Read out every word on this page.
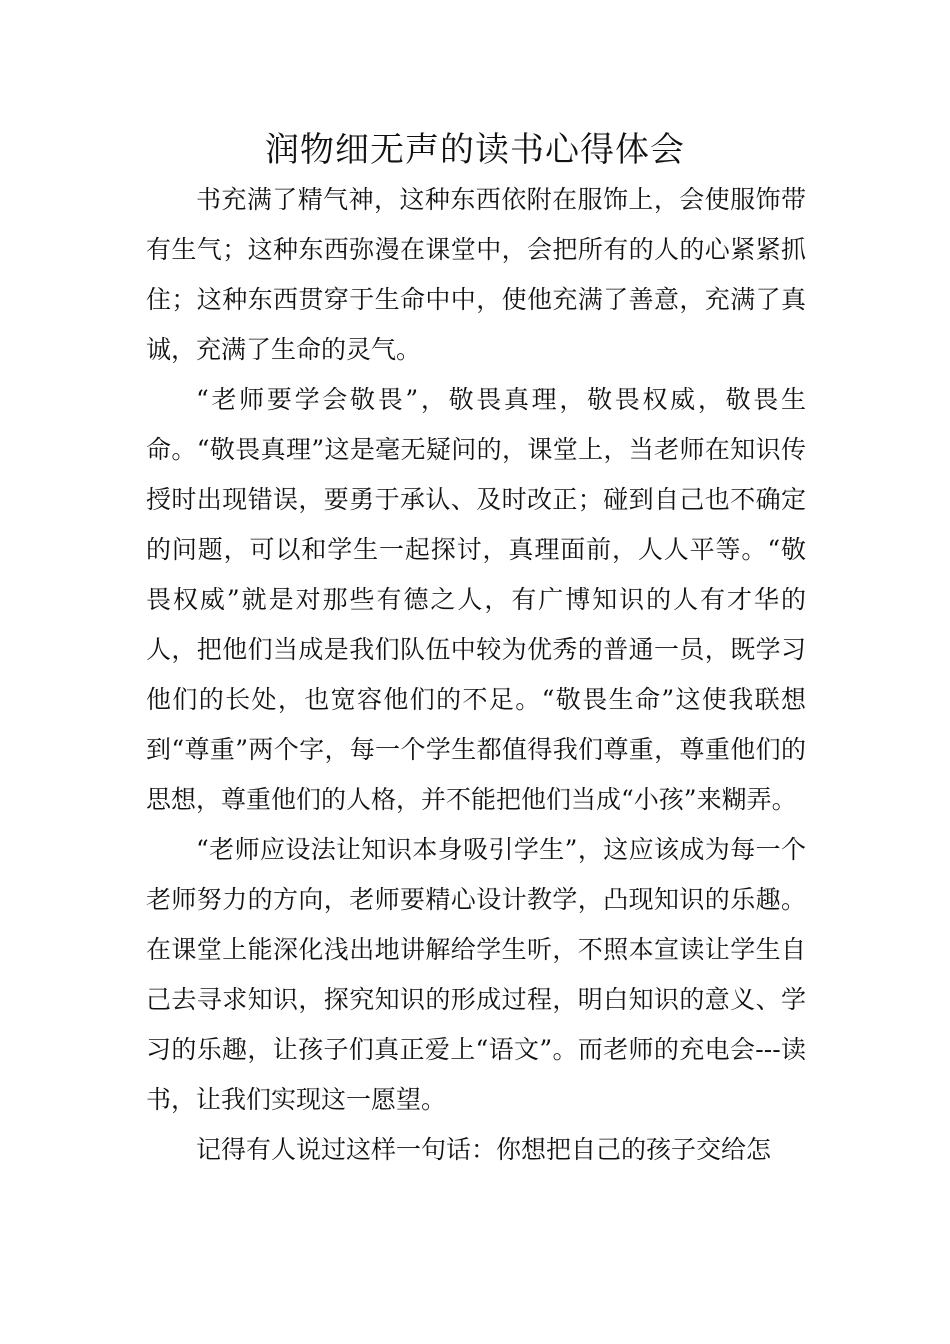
润物细无声的读书心得体会

书充满了精气神，这种东西依附在服饰上，会使服饰带有生气；这种东西弥漫在课堂中，会把所有的人的心紧紧抓住；这种东西贯穿于生命中中，使他充满了善意，充满了真诚，充满了生命的灵气。

“老师要学会敬畏”，敬畏真理，敬畏权威，敬畏生命。“敬畏真理”这是毫无疑问的，课堂上，当老师在知识传授时出现错误，要勇于承认、及时改正；碰到自己也不确定的问题，可以和学生一起探讨，真理面前，人人平等。“敬畏权威”就是对那些有德之人，有广博知识的人有才华的人，把他们当成是我们队伍中较为优秀的普通一员，既学习他们的长处，也宽容他们的不足。“敬畏生命”这使我联想到“尊重”两个字，每一个学生都值得我们尊重，尊重他们的思想，尊重他们的人格，并不能把他们当成“小孩”来糊弄。

“老师应设法让知识本身吸引学生”，这应该成为每一个老师努力的方向，老师要精心设计教学，凸现知识的乐趣。在课堂上能深化浅出地讲解给学生听，不照本宣读让学生自己去寻求知识，探究知识的形成过程，明白知识的意义、学习的乐趣，让孩子们真正爱上“语文”。而老师的充电会---读书，让我们实现这一愿望。

记得有人说过这样一句话：你想把自己的孩子交给怎
